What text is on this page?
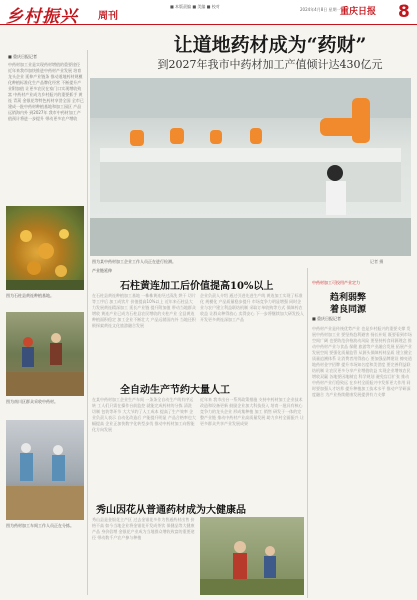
乡村振兴 周刊
■ 本版责编 ■ 美编 ■ 校对
2024年4月8日 星期一 重庆日报 8
让道地药材成为“药财”
到2027年我市中药材加工产值倾计达430亿元
■ 重庆日报记者
中药材加工业是实现药材增值的重要途径 近年来我市加快推进中药材产业发展 培育龙头企业 延伸产业链条 推动道地药材规模化种植标准化生产品牌化经营 不断提升产业附加值 让更多农民在家门口实现增收致富 中药材产业成为乡村振兴的重要抓手 黄连 青蒿 金银花等特色药材享誉全国 全市已建成一批中药材种植基地和加工园区 产品远销海内外 到2027年 我市中药材加工产值预计将进一步提升 带动更多农户增收
图为石柱县黄连种植基地。
图为南川区群众采收中药材。
图为药材加工车间工作人员正在分拣。
图为某中药材加工企业工作人员正在进行检测。	记者 摄
产业链延伸
石柱黄连加工后价值提高10%以上
在石柱县黄连种植加工基地 一株株黄连经过清洗 烘干 切片等工序后 加工成饮片 价值提高10%以上 近年来石柱县大力发展黄连精深加工 延长产业链 提升附加值 带动当地群众增收 黄连产业已成为石柱县农民增收的支柱产业 全县黄连种植面积稳定 加工企业不断壮大 产品远销国内外 当地还积极探索黄连文化旅游融合发展
企业负责人介绍 通过引进先进生产线 黄连加工实现了标准化 规模化 产品质量稳步提升 市场竞争力明显增强 同时企业与农户建立利益联结机制 采取订单收购等方式 保障药农收益 让群众种得放心 卖得安心 下一步将继续加大研发投入 开发更多黄连深加工产品
全自动生产节约大量人工
在某中药材加工企业生产车间 一条条全自动生产线有序运转 工人们只需在操作台前监控 就能完成药材的分拣 清洗 切制 包装等环节 大大节约了人工成本 提高了生产效率 企业负责人表示 自动化改造后 产能提升明显 产品合格率也大幅提高 企业正加快数字化转型步伐 推动中药材加工向智能化方向发展
近年来 我市出台一系列政策措施 支持中药材加工企业技术改造和设备更新 鼓励企业加大科技投入 培育一批具有核心竞争力的龙头企业 形成集种植 加工 销售 研发于一体的完整产业链 推动中药材产业高质量发展 助力乡村全面振兴 让更多群众共享产业发展成果
秀山因花从普通药材成为大健康品
秀山县是金银花主产区 过去金银花多作为普通药材出售 价格不高 如今当地企业将金银花开发成茶饮 保健品等大健康产品 身价倍增 金银花产业成为当地群众增收致富的重要途径 带动数千户农户参与种植
中药材加工可投用产业定力
趋利弱弊
着良同源
■ 重庆日报记者
中药材产业是传统优势产业 也是乡村振兴的重要支撑 发展中药材加工业 要坚持趋利避害 扬长补短 既要看到市场空间广阔 也要防范价格波动风险 要坚持药食同源理念 推动中药材产业与食品 保健 旅游等产业融合发展 拓展产业发展空间 要强化质量监管 从源头保障药材品质 建立健全质量追溯体系 让消费者用得放心 要加强品牌建设 擦亮道地药材金字招牌 提升市场知名度和美誉度 要完善利益联结机制 让农民更多分享产业增值收益 实现企业增效农民增收双赢 各地要因地制宜 科学规划 避免盲目扩张 推动中药材产业行稳致远 在乡村全面振兴中发挥更大作用 同时要加强人才培养 提升种植加工技术水平 推动产学研深度融合 为产业持续健康发展提供有力支撑
